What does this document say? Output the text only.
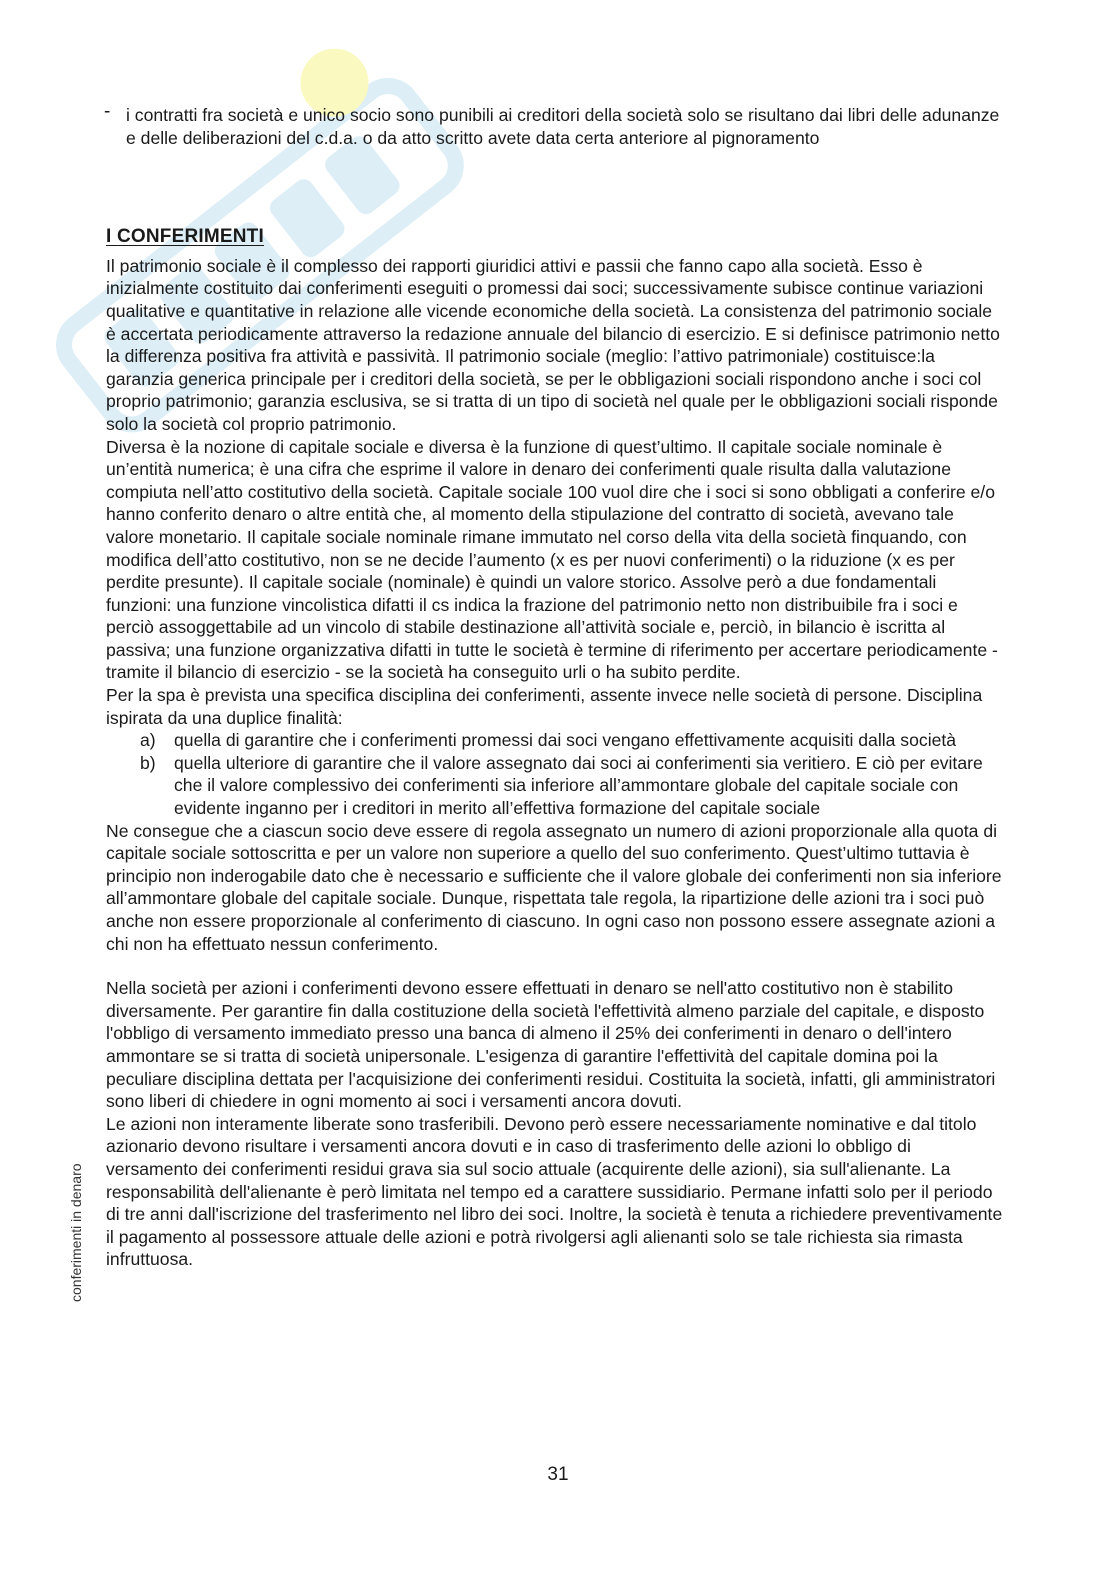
- i contratti fra società e unico socio sono punibili ai creditori della società solo se risultano dai libri delle adunanze e delle deliberazioni del c.d.a. o da atto scritto avete data certa anteriore al pignoramento

I CONFERIMENTI

Il patrimonio sociale è il complesso dei rapporti giuridici attivi e passii che fanno capo alla società. Esso è inizialmente costituito dai conferimenti eseguiti o promessi dai soci; successivamente subisce continue variazioni qualitative e quantitative in relazione alle vicende economiche della società. La consistenza del patrimonio sociale è accertata periodicamente attraverso la redazione annuale del bilancio di esercizio. E si definisce patrimonio netto la differenza positiva fra attività e passività. Il patrimonio sociale (meglio: l’attivo patrimoniale) costituisce:la garanzia generica principale per i creditori della società, se per le obbligazioni sociali rispondono anche i soci col proprio patrimonio; garanzia esclusiva, se si tratta di un tipo di società nel quale per le obbligazioni sociali risponde solo la società col proprio patrimonio.

Diversa è la nozione di capitale sociale e diversa è la funzione di quest’ultimo. Il capitale sociale nominale è un’entità numerica; è una cifra che esprime il valore in denaro dei conferimenti quale risulta dalla valutazione compiuta nell’atto costitutivo della società. Capitale sociale 100 vuol dire che i soci si sono obbligati a conferire e/o hanno conferito denaro o altre entità che, al momento della stipulazione del contratto di società, avevano tale valore monetario. Il capitale sociale nominale rimane immutato nel corso della vita della società finquando, con modifica dell’atto costitutivo, non se ne decide l’aumento (x es per nuovi conferimenti) o la riduzione (x es per perdite presunte). Il capitale sociale (nominale) è quindi un valore storico. Assolve però a due fondamentali funzioni: una funzione vincolistica difatti il cs indica la frazione del patrimonio netto non distribuibile fra i soci e perciò assoggettabile ad un vincolo di stabile destinazione all’attività sociale e, perciò, in bilancio è iscritta al passiva; una funzione organizzativa difatti in tutte le società è termine di riferimento per accertare periodicamente - tramite il bilancio di esercizio - se la società ha conseguito urli o ha subito perdite.

Per la spa è prevista una specifica disciplina dei conferimenti, assente invece nelle società di persone. Disciplina ispirata da una duplice finalità:

a) quella di garantire che i conferimenti promessi dai soci vengano effettivamente acquisiti dalla società
b) quella ulteriore di garantire che il valore assegnato dai soci ai conferimenti sia veritiero. E ciò per evitare che il valore complessivo dei conferimenti sia inferiore all’ammontare globale del capitale sociale con evidente inganno per i creditori in merito all’effettiva formazione del capitale sociale

Ne consegue che a ciascun socio deve essere di regola assegnato un numero di azioni proporzionale alla quota di capitale sociale sottoscritta e per un valore non superiore a quello del suo conferimento. Quest’ultimo tuttavia è principio non inderogabile dato che è necessario e sufficiente che il valore globale dei conferimenti non sia inferiore all’ammontare globale del capitale sociale. Dunque, rispettata tale regola, la ripartizione delle azioni tra i soci può anche non essere proporzionale al conferimento di ciascuno. In ogni caso non possono essere assegnate azioni a chi non ha effettuato nessun conferimento.

Nella società per azioni i conferimenti devono essere effettuati in denaro se nell'atto costitutivo non è stabilito diversamente. Per garantire fin dalla costituzione della società l'effettività almeno parziale del capitale, e disposto l'obbligo di versamento immediato presso una banca di almeno il 25% dei conferimenti in denaro o dell'intero ammontare se si tratta di società unipersonale. L'esigenza di garantire l'effettività del capitale domina poi la peculiare disciplina dettata per l'acquisizione dei conferimenti residui. Costituita la società, infatti, gli amministratori sono liberi di chiedere in ogni momento ai soci i versamenti ancora dovuti.

Le azioni non interamente liberate sono trasferibili. Devono però essere necessariamente nominative e dal titolo azionario devono risultare i versamenti ancora dovuti e in caso di trasferimento delle azioni lo obbligo di versamento dei conferimenti residui grava sia sul socio attuale (acquirente delle azioni), sia sull'alienante. La responsabilità dell'alienante è però limitata nel tempo ed a carattere sussidiario. Permane infatti solo per il periodo di tre anni dall'iscrizione del trasferimento nel libro dei soci. Inoltre, la società è tenuta a richiedere preventivamente il pagamento al possessore attuale delle azioni e potrà rivolgersi agli alienanti solo se tale richiesta sia rimasta infruttuosa.

conferimenti in denaro
31
